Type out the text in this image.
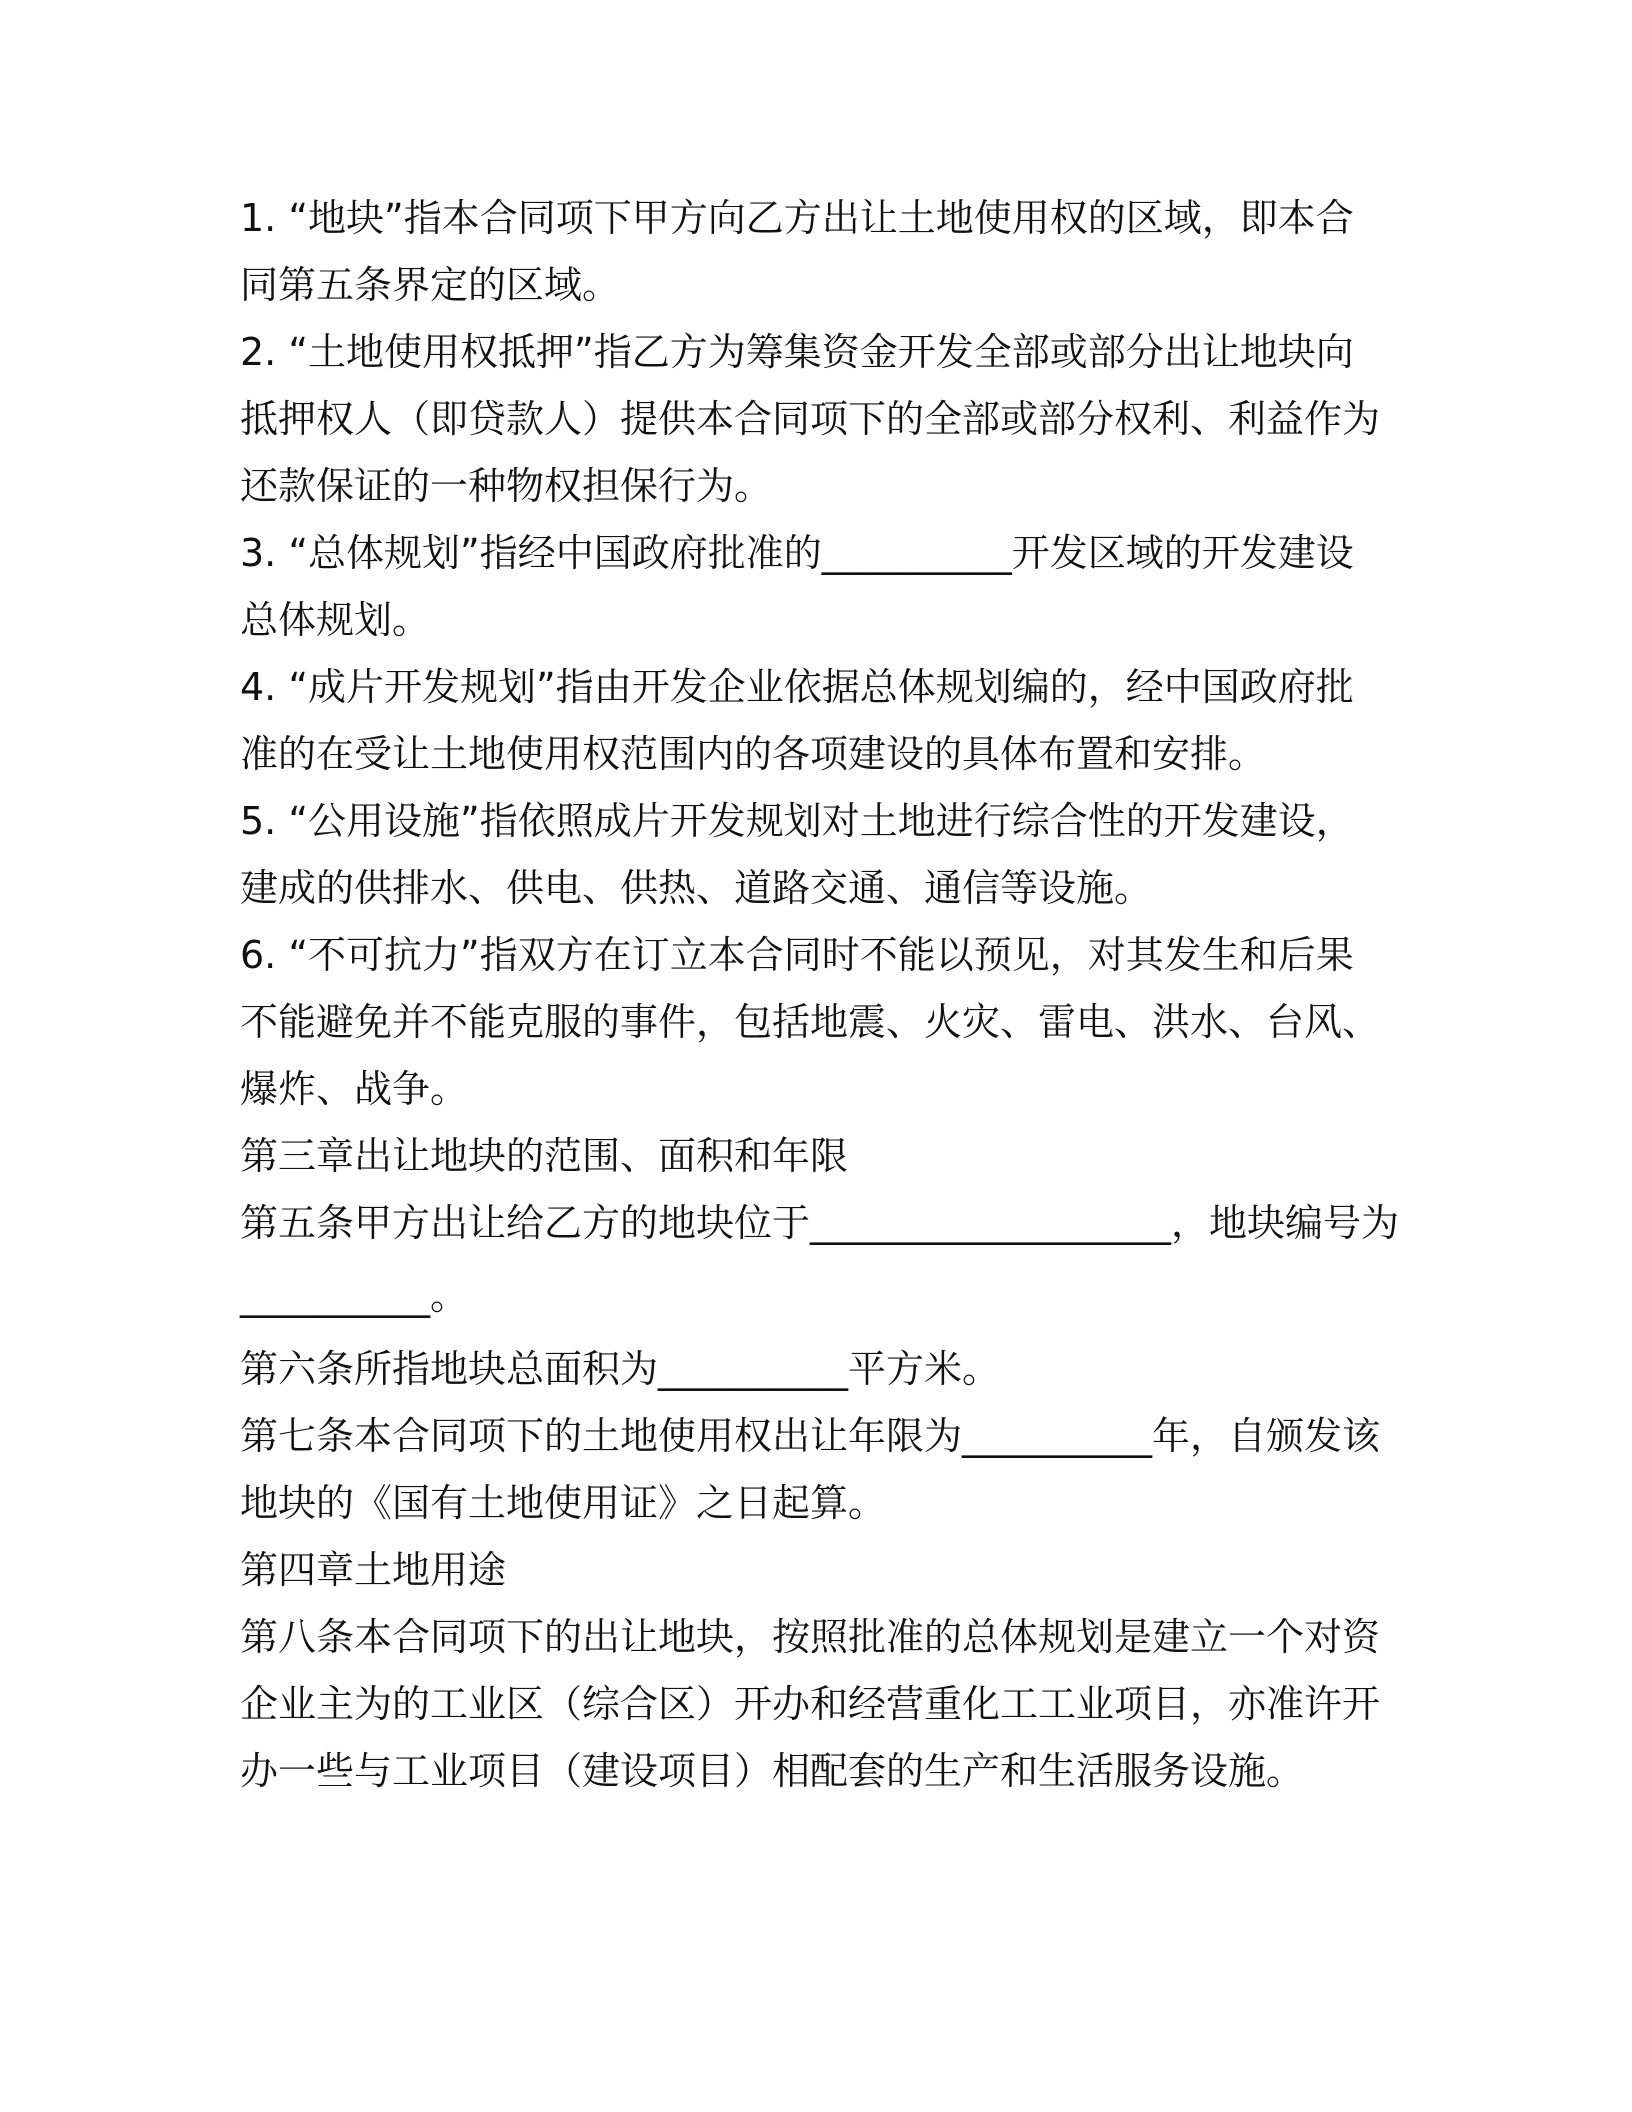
1. “地块”指本合同项下甲方向乙方出让土地使用权的区域，即本合
同第五条界定的区域。
2. “土地使用权抵押”指乙方为筹集资金开发全部或部分出让地块向
抵押权人（即贷款人）提供本合同项下的全部或部分权利、利益作为
还款保证的一种物权担保行为。
3. “总体规划”指经中国政府批准的__________开发区域的开发建设
总体规划。
4. “成片开发规划”指由开发企业依据总体规划编的，经中国政府批
准的在受让土地使用权范围内的各项建设的具体布置和安排。
5. “公用设施”指依照成片开发规划对土地进行综合性的开发建设，
建成的供排水、供电、供热、道路交通、通信等设施。
6. “不可抗力”指双方在订立本合同时不能以预见，对其发生和后果
不能避免并不能克服的事件，包括地震、火灾、雷电、洪水、台风、
爆炸、战争。
第三章出让地块的范围、面积和年限
第五条甲方出让给乙方的地块位于___________________，地块编号为
__________。
第六条所指地块总面积为__________平方米。
第七条本合同项下的土地使用权出让年限为__________年，自颁发该
地块的《国有土地使用证》之日起算。
第四章土地用途
第八条本合同项下的出让地块，按照批准的总体规划是建立一个对资
企业主为的工业区（综合区）开办和经营重化工工业项目，亦准许开
办一些与工业项目（建设项目）相配套的生产和生活服务设施。
